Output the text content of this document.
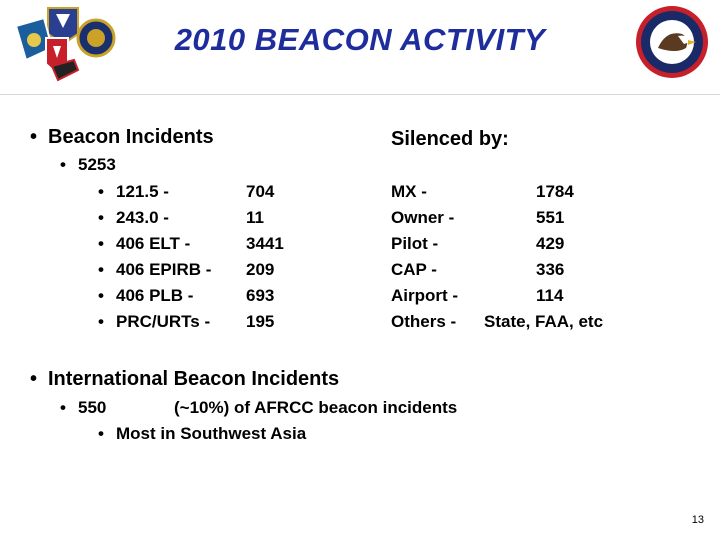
2010 BEACON ACTIVITY
• Beacon Incidents
• 5253
• 121.5 -	704
• 243.0 -	11
• 406 ELT -	3441
• 406 EPIRB - 209
• 406 PLB -	693
• PRC/URTs - 195
Silenced by:
MX -	1784
Owner -	551
Pilot -	429
CAP -	336
Airport -	114
Others - State, FAA, etc
• International Beacon Incidents
• 550	(~10%) of AFRCC beacon incidents
• Most in Southwest Asia
13
